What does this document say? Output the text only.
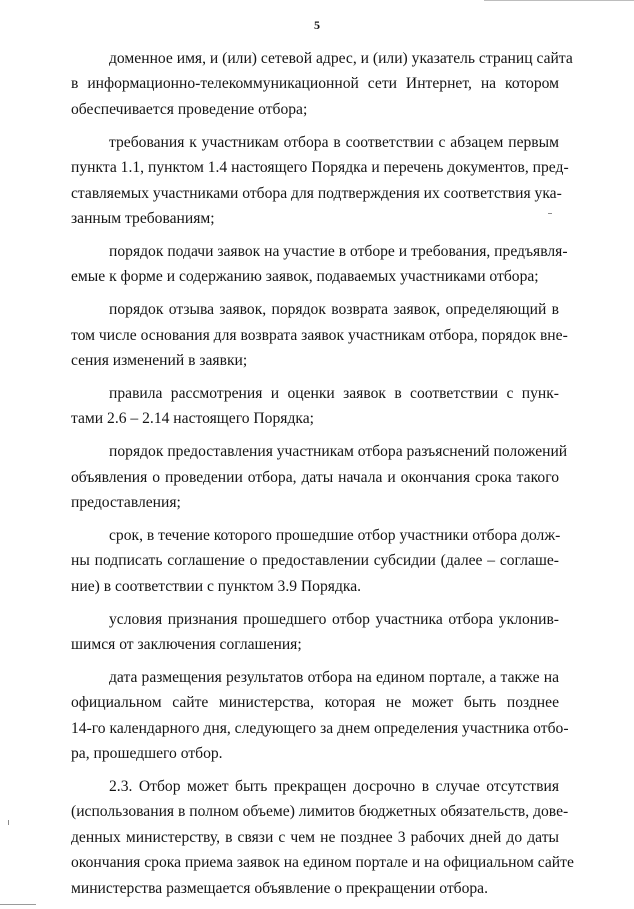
5

доменное имя, и (или) сетевой адрес, и (или) указатель страниц сайта
в информационно-телекоммуникационной сети Интернет, на котором
обеспечивается проведение отбора;

требования к участникам отбора в соответствии с абзацем первым
пункта 1.1, пунктом 1.4 настоящего Порядка и перечень документов, пред-
ставляемых участниками отбора для подтверждения их соответствия ука-
занным требованиям;

порядок подачи заявок на участие в отборе и требования, предъявля-
емые к форме и содержанию заявок, подаваемых участниками отбора;

порядок отзыва заявок, порядок возврата заявок, определяющий в
том числе основания для возврата заявок участникам отбора, порядок вне-
сения изменений в заявки;

правила рассмотрения и оценки заявок в соответствии с пунк-
тами 2.6 – 2.14 настоящего Порядка;

порядок предоставления участникам отбора разъяснений положений
объявления о проведении отбора, даты начала и окончания срока такого
предоставления;

срок, в течение которого прошедшие отбор участники отбора долж-
ны подписать соглашение о предоставлении субсидии (далее – соглаше-
ние) в соответствии с пунктом 3.9 Порядка.

условия признания прошедшего отбор участника отбора уклонив-
шимся от заключения соглашения;

дата размещения результатов отбора на едином портале, а также на
официальном сайте министерства, которая не может быть позднее
14-го календарного дня, следующего за днем определения участника отбо-
ра, прошедшего отбор.

2.3. Отбор может быть прекращен досрочно в случае отсутствия
(использования в полном объеме) лимитов бюджетных обязательств, дове-
денных министерству, в связи с чем не позднее 3 рабочих дней до даты
окончания срока приема заявок на едином портале и на официальном сайте
министерства размещается объявление о прекращении отбора.
